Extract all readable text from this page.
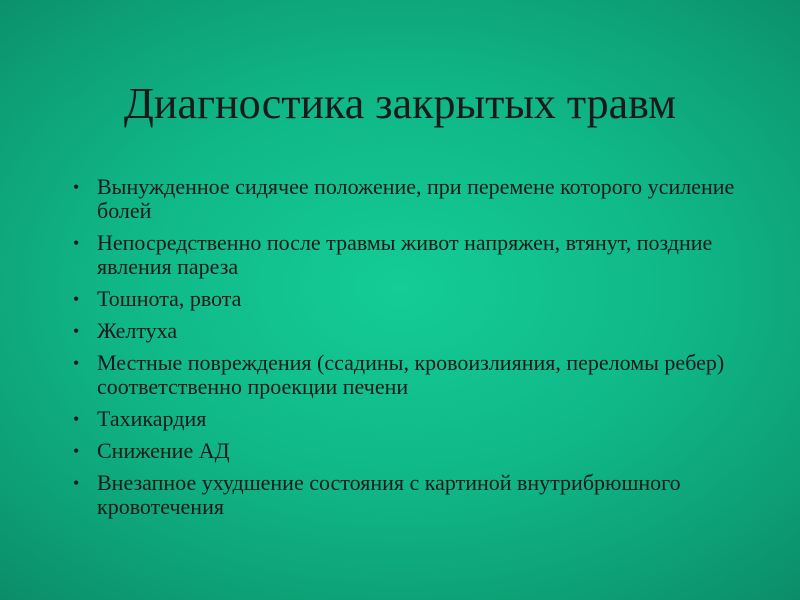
Диагностика закрытых травм
• Вынужденное сидячее положение, при перемене которого усиление болей
• Непосредственно после травмы живот напряжен, втянут, поздние явления пареза
• Тошнота, рвота
• Желтуха
• Местные повреждения (ссадины, кровоизлияния, переломы ребер) соответственно проекции печени
• Тахикардия
• Снижение АД
• Внезапное ухудшение состояния с картиной внутрибрюшного кровотечения
